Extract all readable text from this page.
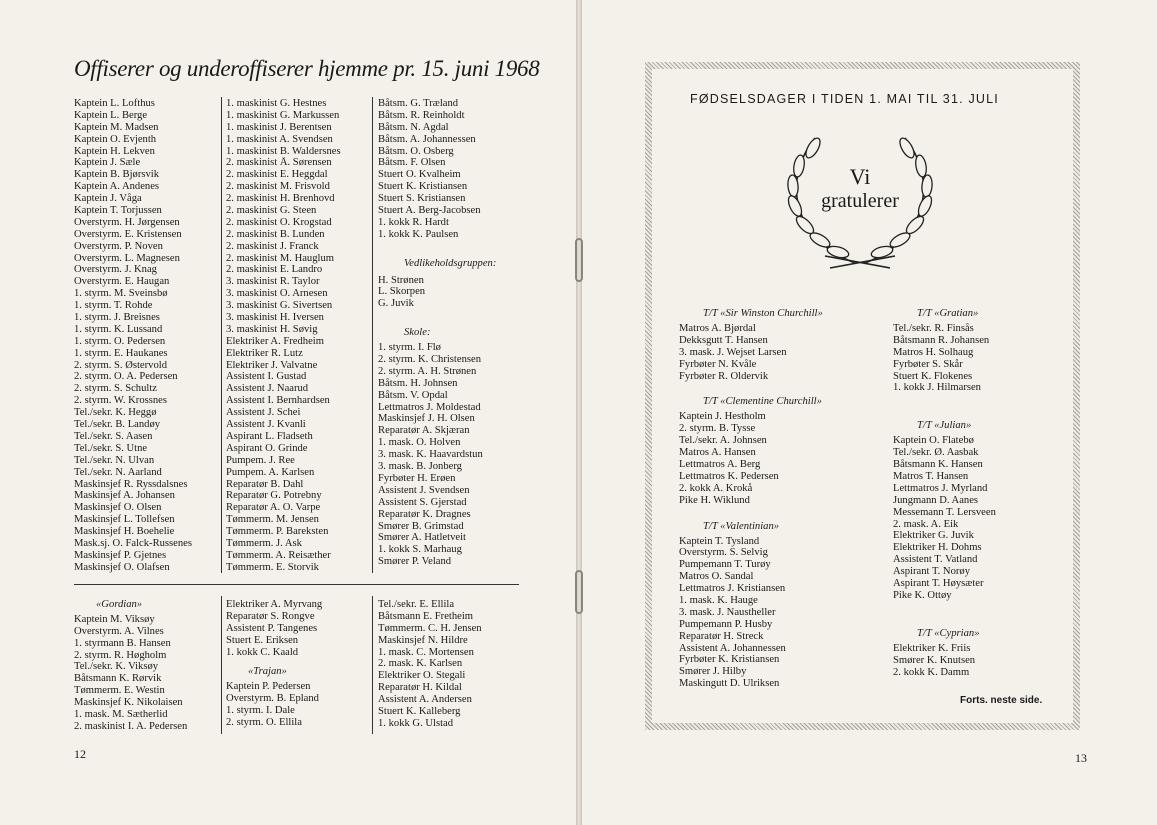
Offiserer og underoffiserer hjemme pr. 15. juni 1968
Kaptein L. Lofthus
Kaptein L. Berge
Kaptein M. Madsen
Kaptein O. Evjenth
Kaptein H. Lekven
Kaptein J. Sæle
Kaptein B. Bjørsvik
Kaptein A. Andenes
Kaptein J. Våga
Kaptein T. Torjussen
Overstyrm. H. Jørgensen
Overstyrm. E. Kristensen
Overstyrm. P. Noven
Overstyrm. L. Magnesen
Overstyrm. J. Knag
Overstyrm. E. Haugan
1. styrm. M. Sveinsbø
1. styrm. T. Rohde
1. styrm. J. Breisnes
1. styrm. K. Lussand
1. styrm. O. Pedersen
1. styrm. E. Haukanes
2. styrm. S. Østervold
2. styrm. O. A. Pedersen
2. styrm. S. Schultz
2. styrm. W. Krossnes
Tel./sekr. K. Heggø
Tel./sekr. B. Landøy
Tel./sekr. S. Aasen
Tel./sekr. S. Utne
Tel./sekr. N. Ulvan
Tel./sekr. N. Aarland
Maskinsjef R. Ryssdalsnes
Maskinsjef A. Johansen
Maskinsjef O. Olsen
Maskinsjef L. Tollefsen
Maskinsjef H. Boehelie
Mask.sj. O. Falck-Russenes
Maskinsjef P. Gjetnes
Maskinsjef O. Olafsen
1. maskinist G. Hestnes
1. maskinist G. Markussen
1. maskinist J. Berentsen
1. maskinist A. Svendsen
1. maskinist B. Waldersnes
2. maskinist Å. Sørensen
2. maskinist E. Heggdal
2. maskinist M. Frisvold
2. maskinist H. Brenhovd
2. maskinist G. Steen
2. maskinist O. Krogstad
2. maskinist B. Lunden
2. maskinist J. Franck
2. maskinist M. Hauglum
2. maskinist E. Landro
3. maskinist R. Taylor
3. maskinist O. Arnesen
3. maskinist G. Sivertsen
3. maskinist H. Iversen
3. maskinist H. Søvig
Elektriker A. Fredheim
Elektriker R. Lutz
Elektriker J. Valvatne
Assistent I. Gustad
Assistent J. Naarud
Assistent I. Bernhardsen
Assistent J. Schei
Assistent J. Kvanli
Aspirant L. Fladseth
Aspirant O. Grinde
Pumpem. J. Ree
Pumpem. A. Karlsen
Reparatør B. Dahl
Reparatør G. Potrebny
Reparatør A. O. Varpe
Tømmerm. M. Jensen
Tømmerm. P. Bareksten
Tømmerm. J. Ask
Tømmerm. A. Reisæther
Tømmerm. E. Storvik
Båtsm. G. Træland
Båtsm. R. Reinholdt
Båtsm. N. Agdal
Båtsm. A. Johannessen
Båtsm. O. Osberg
Båtsm. F. Olsen
Stuert O. Kvalheim
Stuert K. Kristiansen
Stuert S. Kristiansen
Stuert A. Berg-Jacobsen
1. kokk R. Hardt
1. kokk K. Paulsen
Vedlikeholdsgruppen:
H. Strønen
L. Skorpen
G. Juvik
Skole:
1. styrm. I. Flø
2. styrm. K. Christensen
2. styrm. A. H. Strønen
Båtsm. H. Johnsen
Båtsm. V. Opdal
Lettmatros J. Moldestad
Maskinsjef J. H. Olsen
Reparatør A. Skjæran
1. mask. O. Holven
3. mask. K. Haavardstun
3. mask. B. Jonberg
Fyrbøter H. Erøen
Assistent J. Svendsen
Assistent S. Gjerstad
Reparatør K. Dragnes
Smører B. Grimstad
Smører A. Hatletveit
1. kokk S. Marhaug
Smører P. Veland
«Gordian»
Kaptein M. Viksøy
Overstyrm. A. Vilnes
1. styrmann B. Hansen
2. styrm. R. Høgholm
Tel./sekr. K. Viksøy
Båtsmann K. Rørvik
Tømmerm. E. Westin
Maskinsjef K. Nikolaisen
1. mask. M. Sætherlid
2. maskinist I. A. Pedersen
Elektriker A. Myrvang
Reparatør S. Rongve
Assistent P. Tangenes
Stuert E. Eriksen
1. kokk C. Kaald
«Trajan»
Kaptein P. Pedersen
Overstyrm. B. Epland
1. styrm. I. Dale
2. styrm. O. Ellila
Tel./sekr. E. Ellila
Båtsmann E. Fretheim
Tømmerm. C. H. Jensen
Maskinsjef N. Hildre
1. mask. C. Mortensen
2. mask. K. Karlsen
Elektriker O. Stegali
Reparatør H. Kildal
Assistent A. Andersen
Stuert K. Kalleberg
1. kokk G. Ulstad
12
FØDSELSDAGER I TIDEN 1. MAI TIL 31. JULI
Vi
gratulerer
T/T «Sir Winston Churchill»
Matros A. Bjørdal
Dekksgutt T. Hansen
3. mask. J. Wejset Larsen
Fyrbøter N. Kvåle
Fyrbøter R. Oldervik
T/T «Clementine Churchill»
Kaptein J. Hestholm
2. styrm. B. Tysse
Tel./sekr. A. Johnsen
Matros A. Hansen
Lettmatros A. Berg
Lettmatros K. Pedersen
2. kokk A. Krokå
Pike H. Wiklund
T/T «Valentinian»
Kaptein T. Tysland
Overstyrm. S. Selvig
Pumpemann T. Turøy
Matros O. Sandal
Lettmatros J. Kristiansen
1. mask. K. Hauge
3. mask. J. Naustheller
Pumpemann P. Husby
Reparatør H. Streck
Assistent A. Johannessen
Fyrbøter K. Kristiansen
Smører J. Hilby
Maskingutt D. Ulriksen
T/T «Gratian»
Tel./sekr. R. Finsås
Båtsmann R. Johansen
Matros H. Solhaug
Fyrbøter S. Skår
Stuert K. Flokenes
1. kokk J. Hilmarsen
T/T «Julian»
Kaptein O. Flatebø
Tel./sekr. Ø. Aasbak
Båtsmann K. Hansen
Matros T. Hansen
Lettmatros J. Myrland
Jungmann D. Aanes
Messemann T. Lersveen
2. mask. A. Eik
Elektriker G. Juvik
Elektriker H. Dohms
Assistent T. Vatland
Aspirant T. Norøy
Aspirant T. Høysæter
Pike K. Ottøy
T/T «Cyprian»
Elektriker K. Friis
Smører K. Knutsen
2. kokk K. Damm
Forts. neste side.
13
